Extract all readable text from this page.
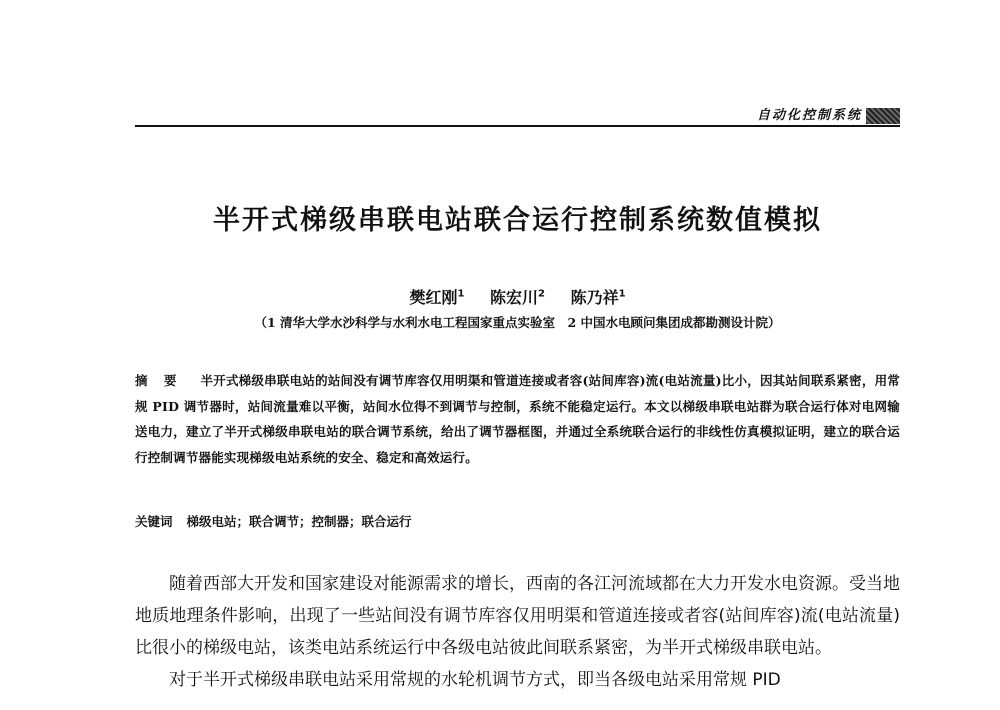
自动化控制系统
半开式梯级串联电站联合运行控制系统数值模拟
樊红刚$^1$ 陈宏川$^2$ 陈乃祥$^1$
（1 清华大学水沙科学与水利水电工程国家重点实验室　2 中国水电顾问集团成都勘测设计院）
摘 要 半开式梯级串联电站的站间没有调节库容仅用明渠和管道连接或者容(站间库容)流(电站流量)比小，因其站间联系紧密，用常规 PID 调节器时，站间流量难以平衡，站间水位得不到调节与控制，系统不能稳定运行。本文以梯级串联电站群为联合运行体对电网输送电力，建立了半开式梯级串联电站的联合调节系统，给出了调节器框图，并通过全系统联合运行的非线性仿真模拟证明，建立的联合运行控制调节器能实现梯级电站系统的安全、稳定和高效运行。
关键词 梯级电站；联合调节；控制器；联合运行

随着西部大开发和国家建设对能源需求的增长，西南的各江河流域都在大力开发水电资源。受当地地质地理条件影响，出现了一些站间没有调节库容仅用明渠和管道连接或者容(站间库容)流(电站流量)比很小的梯级电站，该类电站系统运行中各级电站彼此间联系紧密，为半开式梯级串联电站。

对于半开式梯级串联电站采用常规的水轮机调节方式，即当各级电站采用常规 PID
